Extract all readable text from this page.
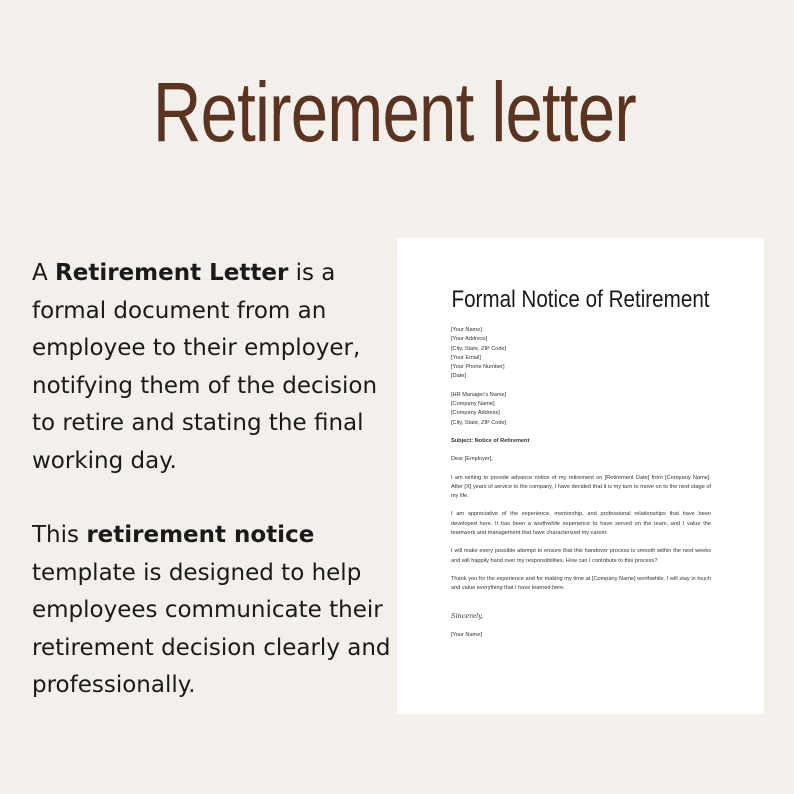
Retirement letter

A Retirement Letter is a formal document from an employee to their employer, notifying them of the decision to retire and stating the final working day.

This retirement notice template is designed to help employees communicate their retirement decision clearly and professionally.

Formal Notice of Retirement
[Your Name]
[Your Address]
[City, State, ZIP Code]
[Your Email]
[Your Phone Number]
[Date]
[HR Manager's Name]
[Company Name]
[Company Address]
[City, State, ZIP Code]
Subject: Notice of Retirement
Dear [Employer],

I am writing to provide advance notice of my retirement on [Retirement Date] from [Company Name]. After [X] years of service to the company, I have decided that it is my turn to move on to the next stage of my life.

I am appreciative of the experience, mentorship, and professional relationships that have been developed here. It has been a worthwhile experience to have served on the team, and I value the teamwork and management that have characterized my career.

I will make every possible attempt to ensure that this handover process is smooth within the next weeks and will happily hand over my responsibilities. How can I contribute to this process?

Thank you for the experience and for making my time at [Company Name] worthwhile. I will stay in touch and value everything that I have learned here.

Sincerely,
[Your Name]
